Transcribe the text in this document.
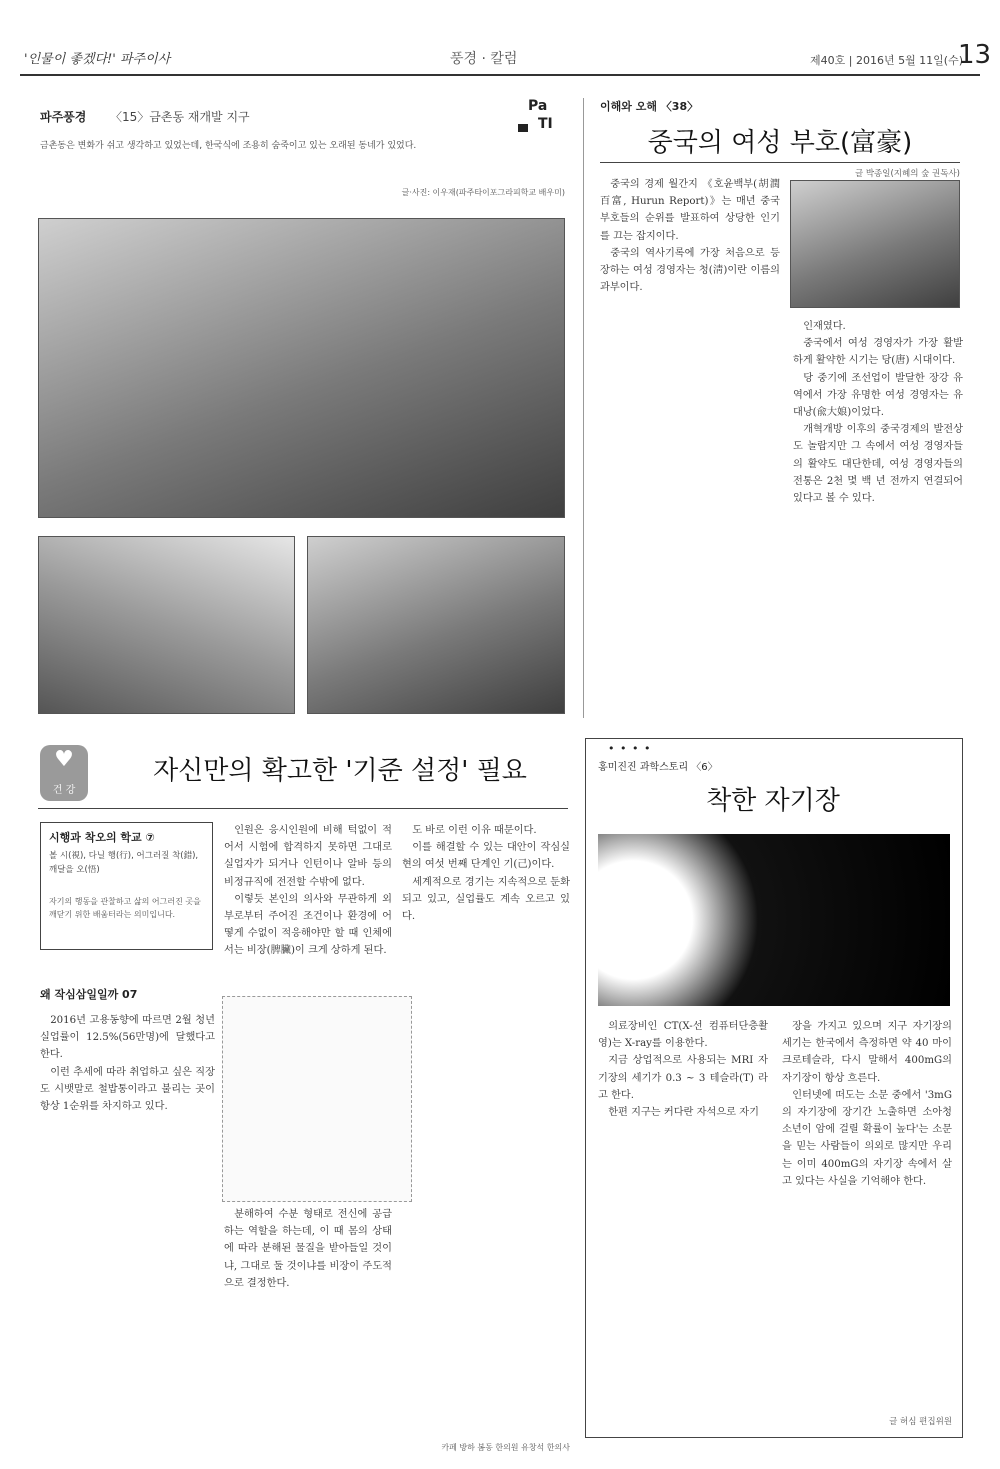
'인물이 좋겠다!' 파주이사	풍경 · 칼럼	제40호 | 2016년 5월 11일(수)
13
파주풍경 〈15〉금촌동 재개발 지구
Pa
TI
금촌동은 변화가 쉬고 생각하고 있었는데, 한국식에 조용히 숨죽이고 있는 오래된 동네가 있었다.
글·사진: 이우재(파주타이포그라피학교 배우미)
이해와 오해 〈38〉
중국의 여성 부호(富豪)
글 박종일(지혜의 숲 권독사)

중국의 경제 월간지 《호윤백부(胡潤百富, Hurun Report)》는 매년 중국 부호들의 순위를 발표하여 상당한 인기를 끄는 잡지이다.

중국의 역사기록에 가장 처음으로 등장하는 여성 경영자는 청(淸)이란 이름의 과부이다.

인재였다.

중국에서 여성 경영자가 가장 활발하게 활약한 시기는 당(唐) 시대이다.

당 중기에 조선업이 발달한 장강 유역에서 가장 유명한 여성 경영자는 유대낭(兪大娘)이었다.

개혁개방 이후의 중국경제의 발전상도 놀랍지만 그 속에서 여성 경영자들의 활약도 대단한데, 여성 경영자들의 전통은 2천 몇 백 년 전까지 연결되어 있다고 볼 수 있다.

♥
건 강
자신만의 확고한 '기준 설정' 필요
시행과 착오의 학교 ⑦
볼 시(視), 다닐 행(行), 어그러질 착(錯), 깨달을 오(悟)
자기의 행동을 관찰하고 삶의 어그러진 곳을 깨닫기 위한 배움터라는 의미입니다.
왜 작심삼일일까 07

2016년 고용동향에 따르면 2월 청년실업률이 12.5%(56만명)에 달했다고 한다.

이런 추세에 따라 취업하고 싶은 직장도 시뱃말로 철밥통이라고 불리는 곳이 항상 1순위를 차지하고 있다.

인원은 응시인원에 비해 턱없이 적어서 시험에 합격하지 못하면 그대로 실업자가 되거나 인턴이나 알바 등의 비정규직에 전전할 수밖에 없다.

이렇듯 본인의 의사와 무관하게 외부로부터 주어진 조건이나 환경에 어떻게 수없이 적응해야만 할 때 인체에서는 비장(脾臟)이 크게 상하게 된다.

분해하여 수분 형태로 전신에 공급하는 역할을 하는데, 이 때 몸의 상태에 따라 분해된 물질을 받아들일 것이냐, 그대로 둘 것이냐를 비장이 주도적으로 결정한다.

도 바로 이런 이유 때문이다.

이를 해결할 수 있는 대안이 작심실현의 여섯 번째 단계인 기(己)이다.

세계적으로 경기는 지속적으로 둔화되고 있고, 실업률도 계속 오르고 있다.

카페 방하 봄동 한의원 유창석 한의사
• • • •
홍미진진 과학스토리 〈6〉
착한 자기장

의료장비인 CT(X-선 컴퓨터단층촬영)는 X-ray를 이용한다.

지금 상업적으로 사용되는 MRI 자기장의 세기가 0.3 ~ 3 테슬라(T) 라고 한다.

한편 지구는 커다란 자석으로 자기

장을 가지고 있으며 지구 자기장의 세기는 한국에서 측정하면 약 40 마이크로테슬라, 다시 말해서 400mG의 자기장이 항상 흐른다.

인터넷에 떠도는 소문 중에서 '3mG의 자기장에 장기간 노출하면 소아청소년이 암에 걸릴 확률이 높다'는 소문을 믿는 사람들이 의외로 많지만 우리는 이미 400mG의 자기장 속에서 살고 있다는 사실을 기억해야 한다.

글 허심 편집위원
